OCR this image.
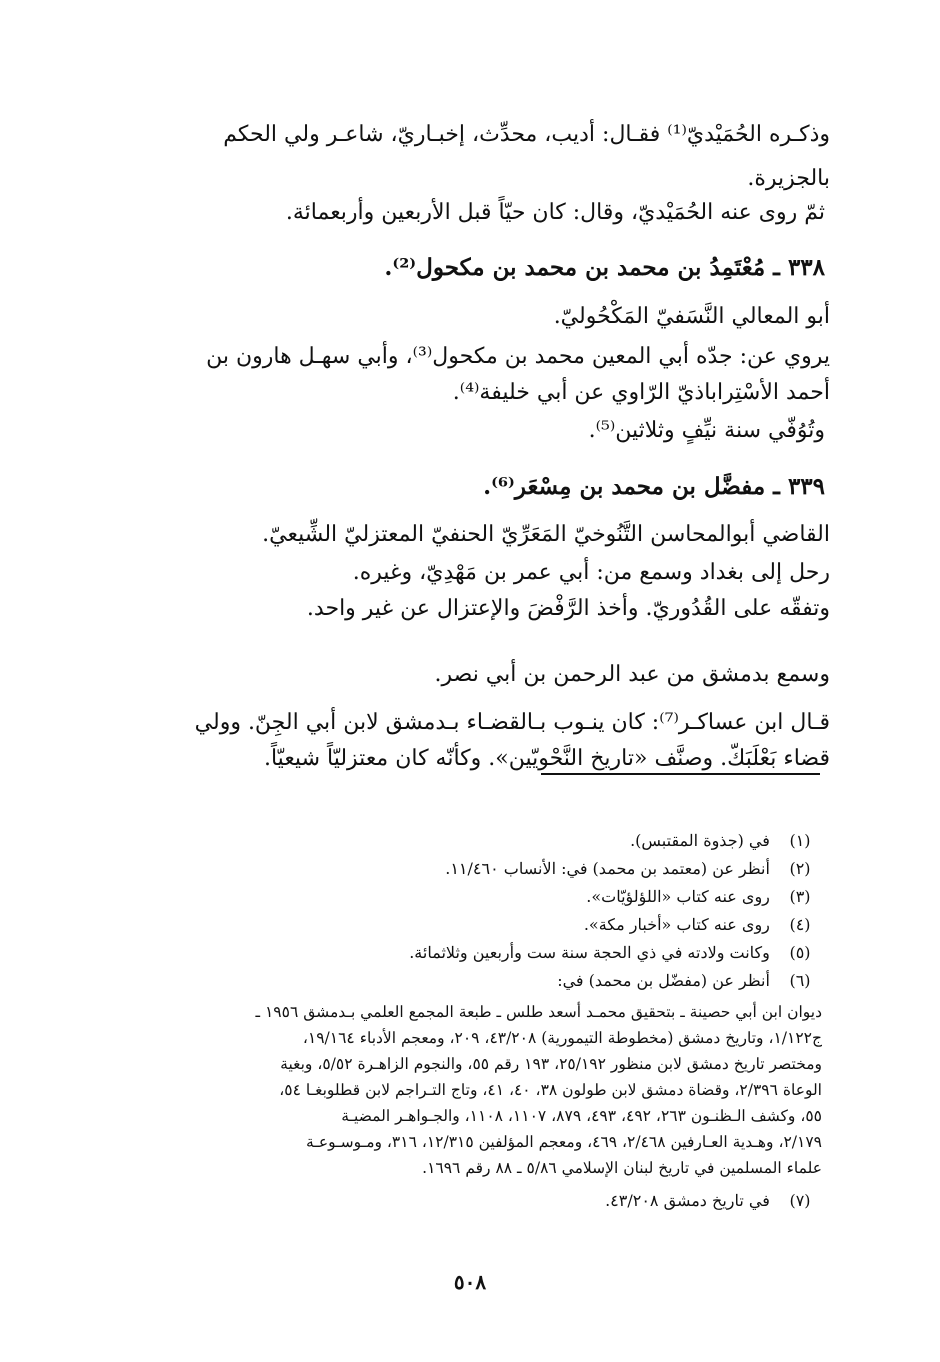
وذكـره الحُمَيْديّ⁽¹⁾ فقـال: أديب، محدِّث، إخبـاريّ، شاعـر ولي الحكم
بالجزيرة.
ثمّ روى عنه الحُمَيْديّ، وقال: كان حيّاً قبل الأربعين وأربعمائة.
٣٣٨ ـ مُعْتَمِدُ بن محمد بن محمد بن مكحول⁽²⁾.
أبو المعالي النَّسَفيّ المَكْحُوليّ.
يروي عن: جدّه أبي المعين محمد بن مكحول⁽³⁾، وأبي سهـل هارون بن
أحمد الأسْتِراباذيّ الرّاوي عن أبي خليفة⁽⁴⁾.
وتُوُفّي سنة نيِّفٍ وثلاثين⁽⁵⁾.
٣٣٩ ـ مفضَّل بن محمد بن مِسْعَر⁽⁶⁾.
القاضي أبوالمحاسن التَّنُوخيّ المَعَرِّيّ الحنفيّ المعتزليّ الشِّيعيّ.
رحل إلى بغداد وسمع من: أبي عمر بن مَهْدِيّ، وغيره.
وتفقّه على القُدُوريّ. وأخذ الرَّفْضَ والإعتزال عن غير واحد.
وسمع بدمشق من عبد الرحمن بن أبي نصر.
قـال ابن عساكـر⁽⁷⁾: كان ينـوب بـالقضـاء بـدمشق لابن أبي الجِنّ. وولي
قضاء بَعْلَبَكّ. وصنَّف «تاريخ النَّحْويّين». وكأنّه كان معتزليّاً شيعيّاً.
(١) في (جذوة المقتبس).
(٢) أنظر عن (معتمد بن محمد) في: الأنساب ١١/٤٦٠.
(٣) روى عنه كتاب «اللؤلؤيّات».
(٤) روى عنه كتاب «أخبار مكة».
(٥) وكانت ولادته في ذي الحجة سنة ست وأربعين وثلاثمائة.
(٦) أنظر عن (مفضّل بن محمد) في:
ديوان ابن أبي حصينة ـ بتحقيق محمـد أسعد طلس ـ طبعة المجمع العلمي بـدمشق ١٩٥٦ ـ
ج١/١٢٢، وتاريخ دمشق (مخطوطة التيمورية) ٤٣/٢٠٨، ٢٠٩، ومعجم الأدباء ١٩/١٦٤،
ومختصر تاريخ دمشق لابن منظور ٢٥/١٩٢، ١٩٣ رقم ٥٥، والنجوم الزاهـرة ٥/٥٢، وبغية
الوعاة ٢/٣٩٦، وقضاة دمشق لابن طولون ٣٨، ٤٠، ٤١، وتاج التـراجم لابن قطلوبغـا ٥٤،
٥٥، وكشف الـظنـون ٢٦٣، ٤٩٢، ٤٩٣، ٨٧٩، ١١٠٧، ١١٠٨، والجـواهـر المضيـة
٢/١٧٩، وهـدية العـارفين ٢/٤٦٨، ٤٦٩، ومعجم المؤلفين ١٢/٣١٥، ٣١٦، ومـوسـوعـة
علماء المسلمين في تاريخ لبنان الإسلامي ٥/٨٦ ـ ٨٨ رقم ١٦٩٦.
(٧) في تاريخ دمشق ٤٣/٢٠٨.
٥٠٨
